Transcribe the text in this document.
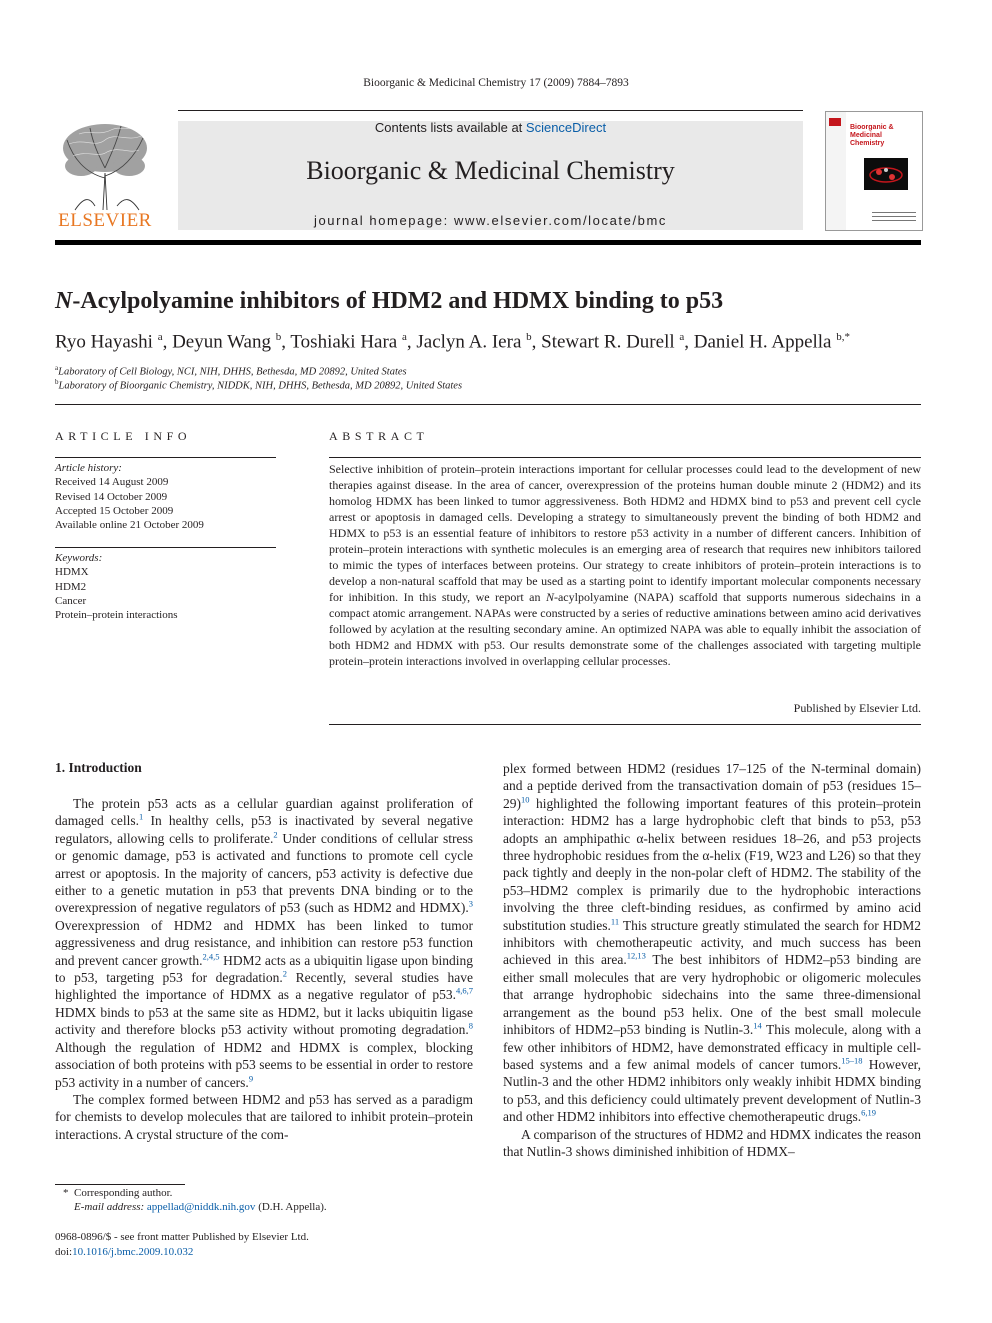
Bioorganic & Medicinal Chemistry 17 (2009) 7884–7893
ELSEVIER
Contents lists available at ScienceDirect
Bioorganic & Medicinal Chemistry
journal homepage: www.elsevier.com/locate/bmc
Bioorganic & Medicinal Chemistry
N-Acylpolyamine inhibitors of HDM2 and HDMX binding to p53
Ryo Hayashi $^a$, Deyun Wang $^b$, Toshiaki Hara $^a$, Jaclyn A. Iera $^b$, Stewart R. Durell $^a$, Daniel H. Appella $^{b,*}$
$^a$Laboratory of Cell Biology, NCI, NIH, DHHS, Bethesda, MD 20892, United States
$^b$Laboratory of Bioorganic Chemistry, NIDDK, NIH, DHHS, Bethesda, MD 20892, United States
ARTICLE INFO	ABSTRACT
Article history:
Received 14 August 2009
Revised 14 October 2009
Accepted 15 October 2009
Available online 21 October 2009
Keywords:
HDMX
HDM2
Cancer
Protein–protein interactions
Selective inhibition of protein–protein interactions important for cellular processes could lead to the development of new therapies against disease. In the area of cancer, overexpression of the proteins human double minute 2 (HDM2) and its homolog HDMX has been linked to tumor aggressiveness. Both HDM2 and HDMX bind to p53 and prevent cell cycle arrest or apoptosis in damaged cells. Developing a strategy to simultaneously prevent the binding of both HDM2 and HDMX to p53 is an essential feature of inhibitors to restore p53 activity in a number of different cancers. Inhibition of protein–protein interactions with synthetic molecules is an emerging area of research that requires new inhibitors tailored to mimic the types of interfaces between proteins. Our strategy to create inhibitors of protein–protein interactions is to develop a non-natural scaffold that may be used as a starting point to identify important molecular components necessary for inhibition. In this study, we report an N-acylpolyamine (NAPA) scaffold that supports numerous sidechains in a compact atomic arrangement. NAPAs were constructed by a series of reductive aminations between amino acid derivatives followed by acylation at the resulting secondary amine. An optimized NAPA was able to equally inhibit the association of both HDM2 and HDMX with p53. Our results demonstrate some of the challenges associated with targeting multiple protein–protein interactions involved in overlapping cellular processes.
Published by Elsevier Ltd.
1. Introduction

The protein p53 acts as a cellular guardian against proliferation of damaged cells.$^1$ In healthy cells, p53 is inactivated by several negative regulators, allowing cells to proliferate.$^2$ Under conditions of cellular stress or genomic damage, p53 is activated and functions to promote cell cycle arrest or apoptosis. In the majority of cancers, p53 activity is defective due either to a genetic mutation in p53 that prevents DNA binding or to the overexpression of negative regulators of p53 (such as HDM2 and HDMX).$^3$ Overexpression of HDM2 and HDMX has been linked to tumor aggressiveness and drug resistance, and inhibition can restore p53 function and prevent cancer growth.$^{2,4,5}$ HDM2 acts as a ubiquitin ligase upon binding to p53, targeting p53 for degradation.$^2$ Recently, several studies have highlighted the importance of HDMX as a negative regulator of p53.$^{4,6,7}$ HDMX binds to p53 at the same site as HDM2, but it lacks ubiquitin ligase activity and therefore blocks p53 activity without promoting degradation.$^8$ Although the regulation of HDM2 and HDMX is complex, blocking association of both proteins with p53 seems to be essential in order to restore p53 activity in a number of cancers.$^9$

The complex formed between HDM2 and p53 has served as a paradigm for chemists to develop molecules that are tailored to inhibit protein–protein interactions. A crystal structure of the com-

plex formed between HDM2 (residues 17–125 of the N-terminal domain) and a peptide derived from the transactivation domain of p53 (residues 15–29)$^{10}$ highlighted the following important features of this protein–protein interaction: HDM2 has a large hydrophobic cleft that binds to p53, p53 adopts an amphipathic α-helix between residues 18–26, and p53 projects three hydrophobic residues from the α-helix (F19, W23 and L26) so that they pack tightly and deeply in the non-polar cleft of HDM2. The stability of the p53–HDM2 complex is primarily due to the hydrophobic interactions involving the three cleft-binding residues, as confirmed by amino acid substitution studies.$^{11}$ This structure greatly stimulated the search for HDM2 inhibitors with chemotherapeutic activity, and much success has been achieved in this area.$^{12,13}$ The best inhibitors of HDM2–p53 binding are either small molecules that are very hydrophobic or oligomeric molecules that arrange hydrophobic sidechains into the same three-dimensional arrangement as the bound p53 helix. One of the best small molecule inhibitors of HDM2–p53 binding is Nutlin-3.14 This molecule, along with a few other inhibitors of HDM2, have demonstrated efficacy in multiple cell-based systems and a few animal models of cancer tumors.$^{15-18}$ However, Nutlin-3 and the other HDM2 inhibitors only weakly inhibit HDMX binding to p53, and this deficiency could ultimately prevent development of Nutlin-3 and other HDM2 inhibitors into effective chemotherapeutic drugs.$^{6,19}$

A comparison of the structures of HDM2 and HDMX indicates the reason that Nutlin-3 shows diminished inhibition of HDMX–

* Corresponding author.
E-mail address: appellad@niddk.nih.gov (D.H. Appella).
0968-0896/$ - see front matter Published by Elsevier Ltd.
doi:10.1016/j.bmc.2009.10.032
